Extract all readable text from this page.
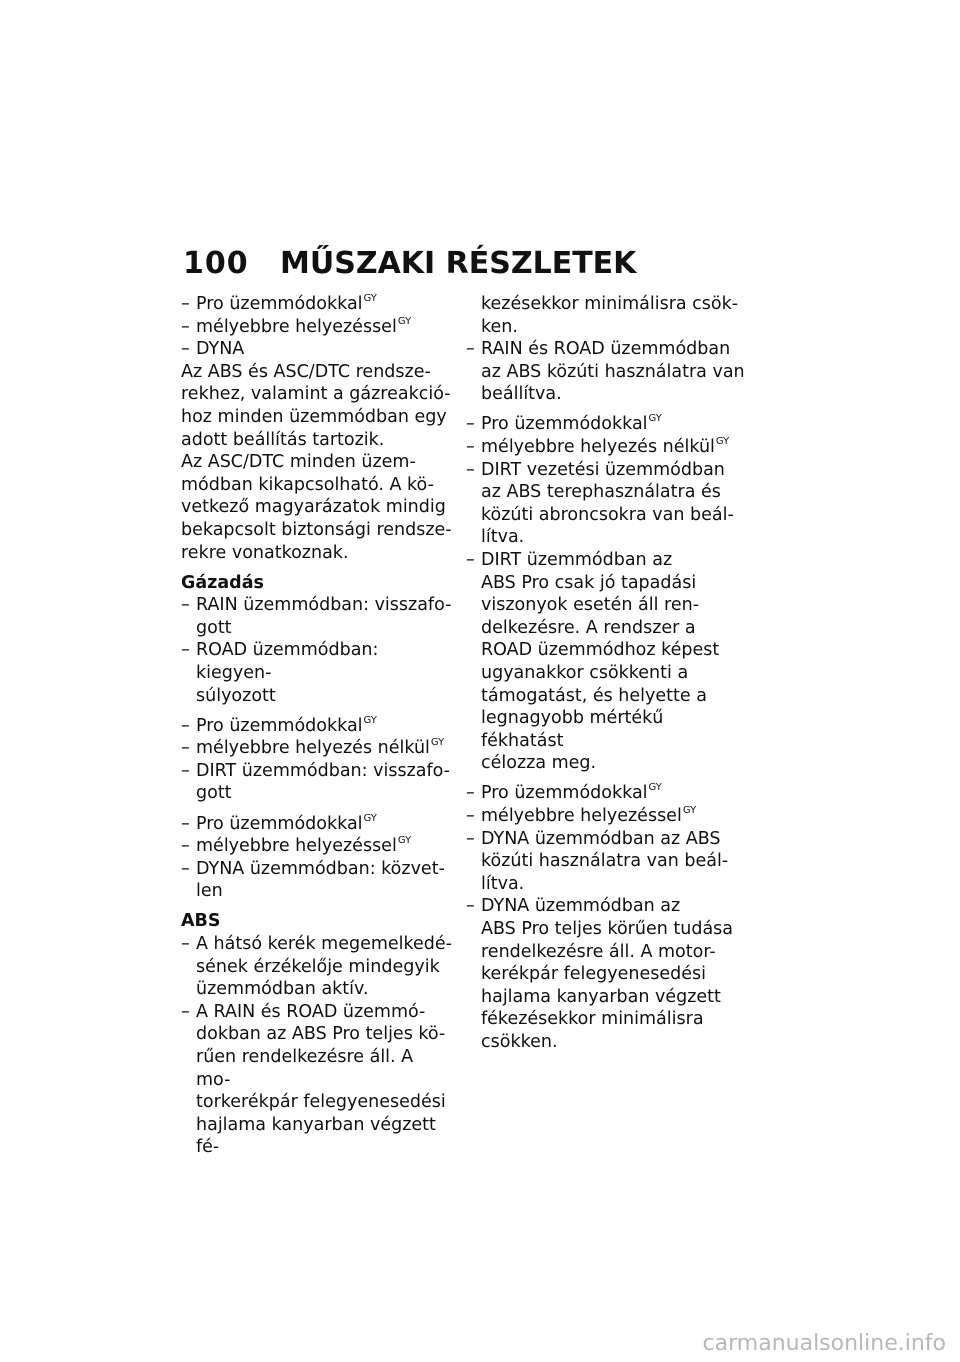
100 MŰSZAKI RÉSZLETEK
– Pro üzemmódokkal$^{GY}$
– mélyebbre helyezéssel$^{GY}$
– DYNA

Az ABS és ASC/DTC rendsze-
rekhez, valamint a gázreakció-
hoz minden üzemmódban egy
adott beállítás tartozik.

Az ASC/DTC minden üzem-
módban kikapcsolható. A kö-
vetkező magyarázatok mindig
bekapcsolt biztonsági rendsze-
rekre vonatkoznak.

Gázadás
– RAIN üzemmódban: visszafo-
gott
– ROAD üzemmódban: kiegyen-
súlyozott
– Pro üzemmódokkal$^{GY}$
– mélyebbre helyezés nélkül$^{GY}$
– DIRT üzemmódban: visszafo-
gott
– Pro üzemmódokkal$^{GY}$
– mélyebbre helyezéssel$^{GY}$
– DYNA üzemmódban: közvet-
len
ABS
– A hátsó kerék megemelkedé-
sének érzékelője mindegyik
üzemmódban aktív.
– A RAIN és ROAD üzemmó-
dokban az ABS Pro teljes kö-
rűen rendelkezésre áll. A mo-
torkerékpár felegyenesedési
hajlama kanyarban végzett fé-
kezésekkor minimálisra csök-
ken.
– RAIN és ROAD üzemmódban
az ABS közúti használatra van
beállítva.
– Pro üzemmódokkal$^{GY}$
– mélyebbre helyezés nélkül$^{GY}$
– DIRT vezetési üzemmódban
az ABS terephasználatra és
közúti abroncsokra van beál-
lítva.
– DIRT üzemmódban az
ABS Pro csak jó tapadási
viszonyok esetén áll ren-
delkezésre. A rendszer a
ROAD üzemmódhoz képest
ugyanakkor csökkenti a
támogatást, és helyette a
legnagyobb mértékű fékhatást
célozza meg.
– Pro üzemmódokkal$^{GY}$
– mélyebbre helyezéssel$^{GY}$
– DYNA üzemmódban az ABS
közúti használatra van beál-
lítva.
– DYNA üzemmódban az
ABS Pro teljes körűen tudása
rendelkezésre áll. A motor-
kerékpár felegyenesedési
hajlama kanyarban végzett
fékezésekkor minimálisra
csökken.
carmanualsonline.info
